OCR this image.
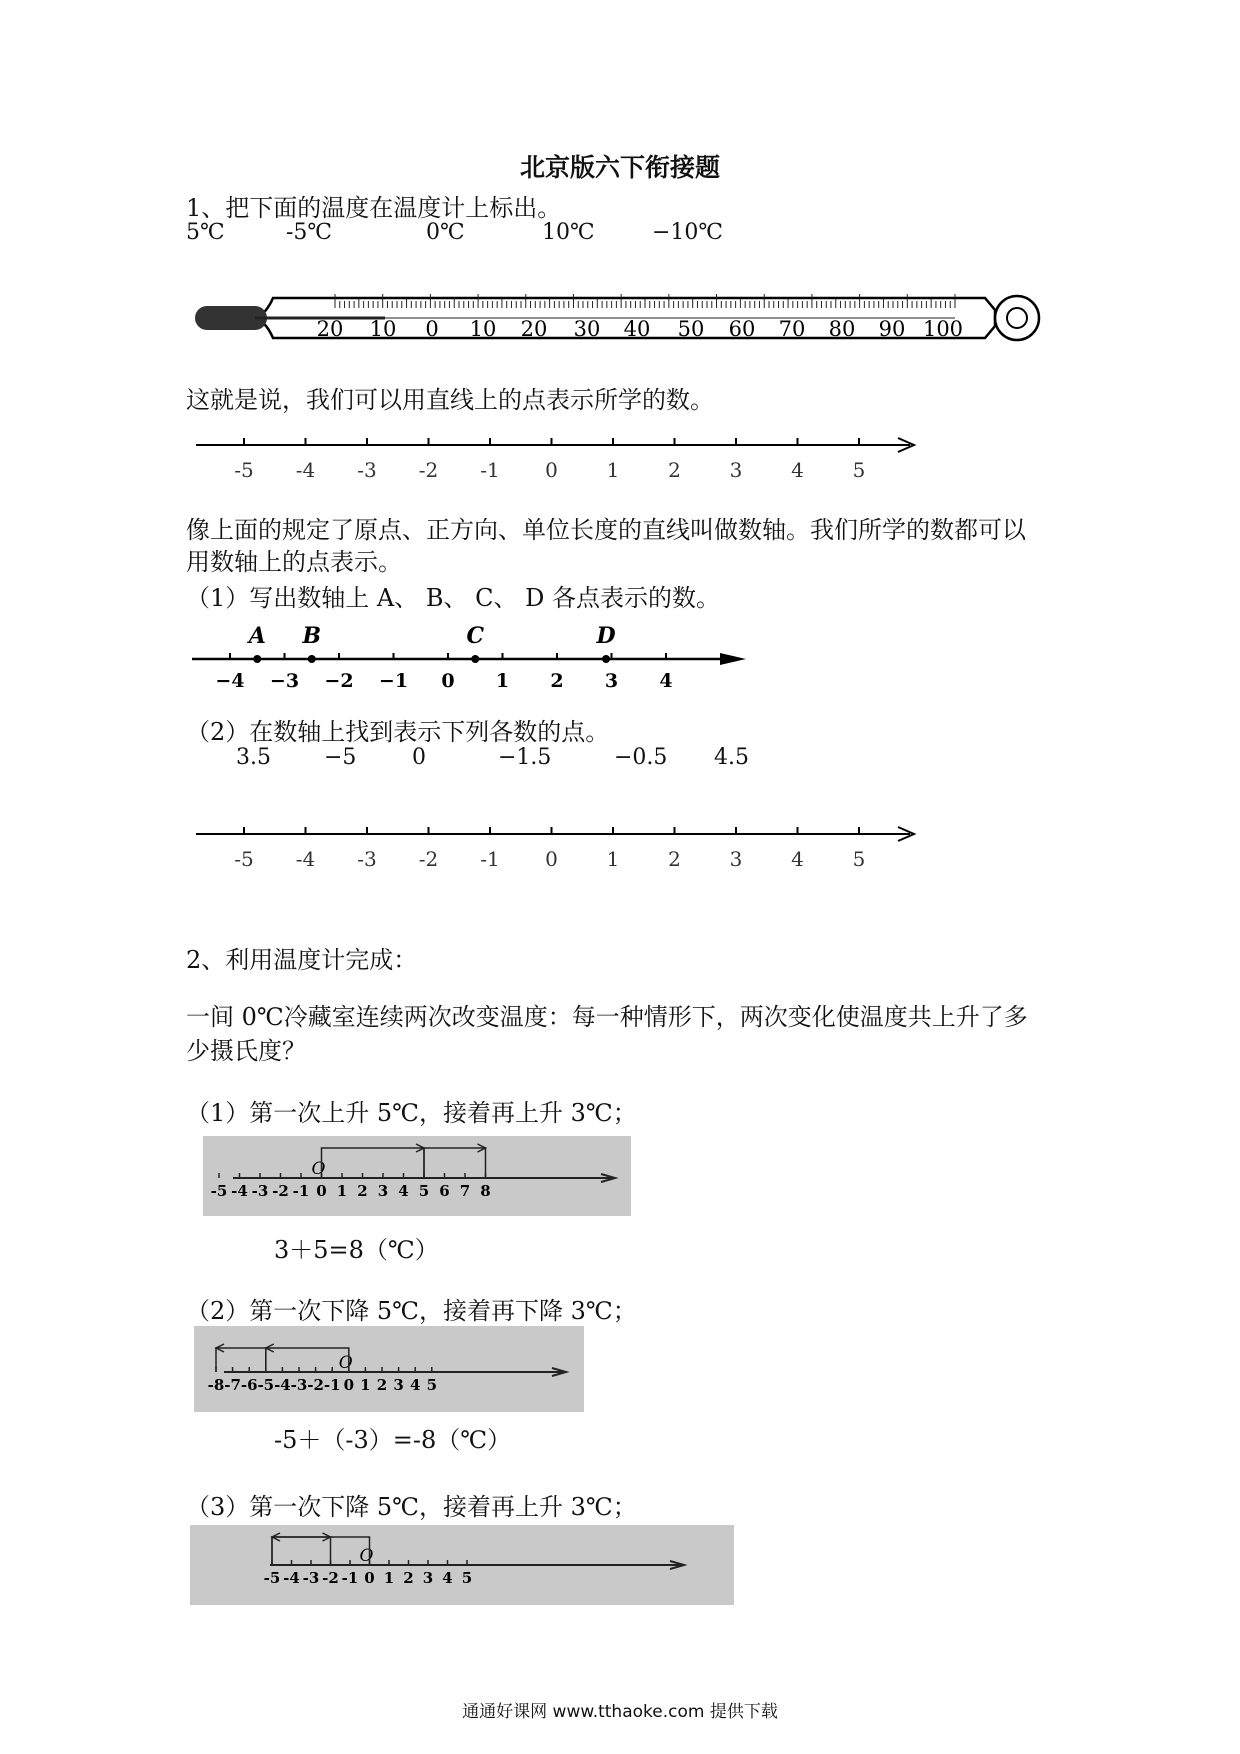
北京版六下衔接题
1、把下面的温度在温度计上标出。
5℃	-5℃	0℃	10℃	−10℃
20 10 0 10 20 30 40 50 60 70 80 90 100
这就是说，我们可以用直线上的点表示所学的数。
-5 -4 -3 -2 -1 0 1 2 3 4 5
像上面的规定了原点、正方向、单位长度的直线叫做数轴。我们所学的数都可以
用数轴上的点表示。
（1）写出数轴上 A、 B、 C、 D 各点表示的数。
−4 −3 −2 −1 0 1 2 3 4
A B	C	D
（2）在数轴上找到表示下列各数的点。
3.5 −5	0	−1.5	−0.5 4.5
-5 -4 -3 -2 -1 0 1 2 3 4 5
2、利用温度计完成：
一间 0℃冷藏室连续两次改变温度：每一种情形下，两次变化使温度共上升了多
少摄氏度？
（1）第一次上升 5℃，接着再上升 3℃；
-5 -4 -3 -2 -1 0 1 2 3 4 5 6 7 8
O
3＋5=8（℃）
（2）第一次下降 5℃，接着再下降 3℃；
-8 -7 -6 -5 -4 -3 -2 -1 0 1 2 3 4 5
O
-5＋（-3）=-8（℃）
（3）第一次下降 5℃，接着再上升 3℃；
-5 -4 -3 -2 -1 0 1 2 3 4 5
O
通通好课网 www.tthaoke.com 提供下载
